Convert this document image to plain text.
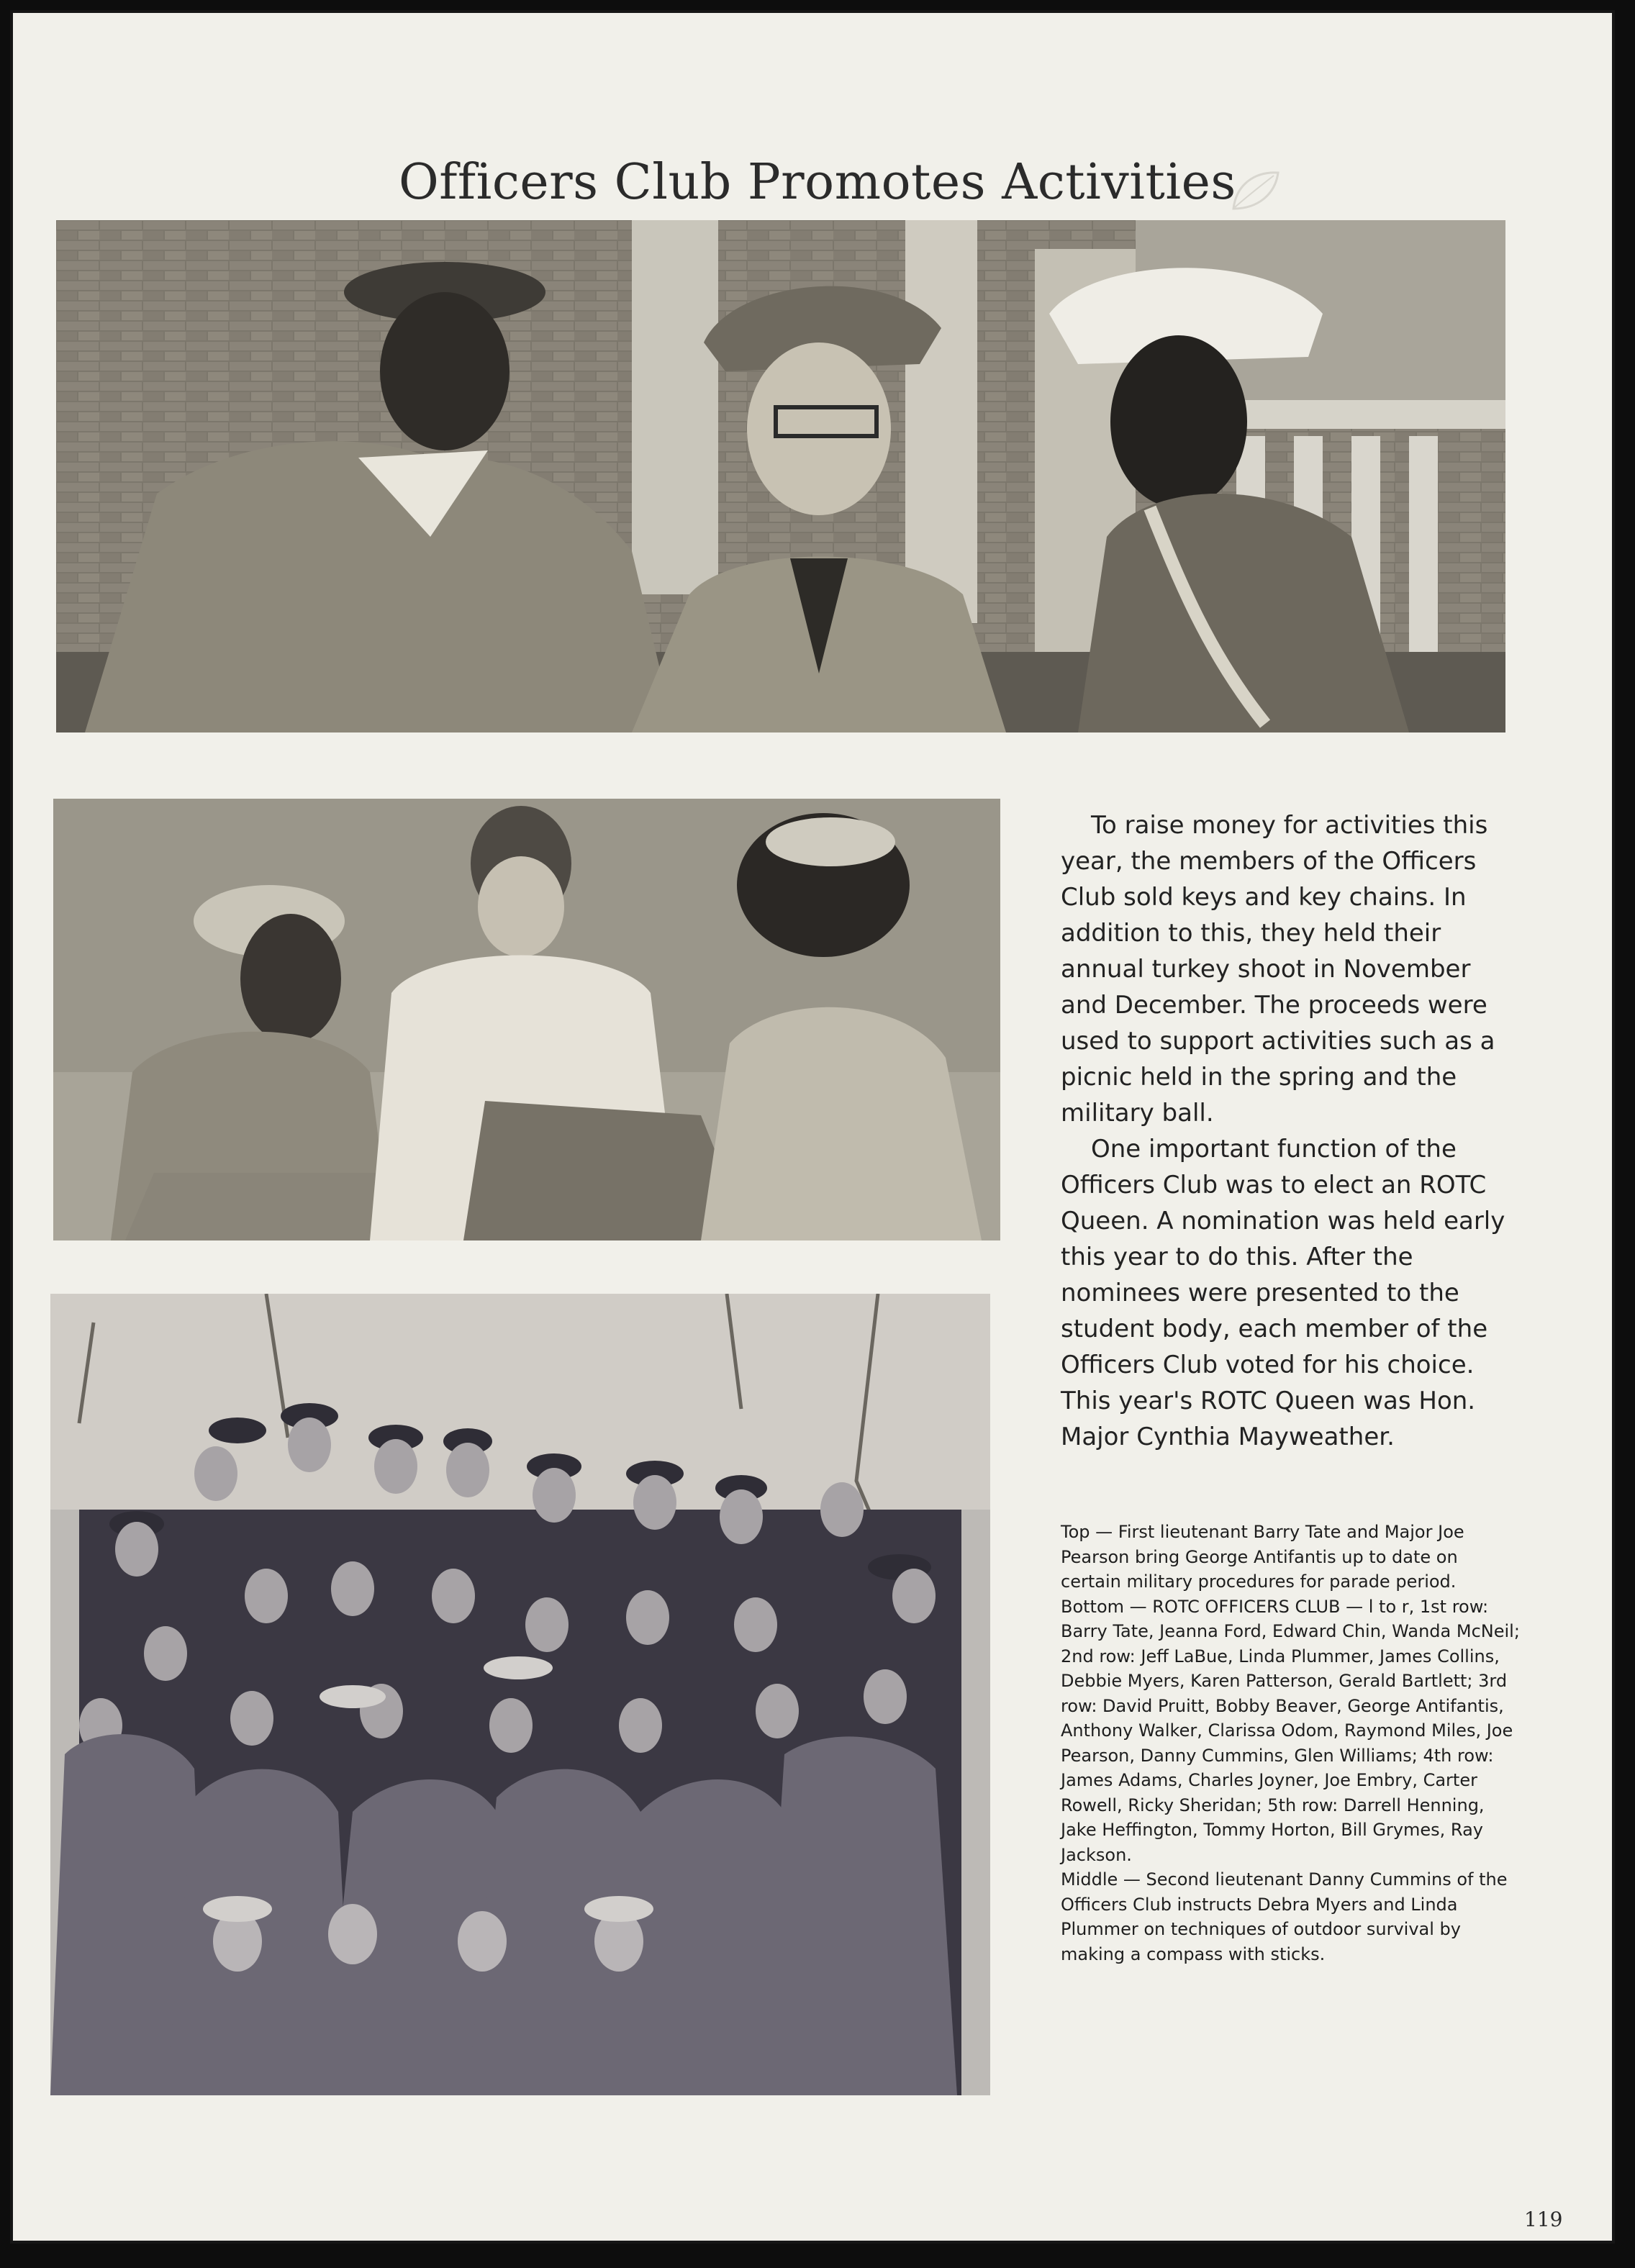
Officers Club Promotes Activities

To raise money for activities this year, the members of the Officers Club sold keys and key chains. In addition to this, they held their annual turkey shoot in November and December. The proceeds were used to support activities such as a picnic held in the spring and the military ball.

One important function of the Officers Club was to elect an ROTC Queen. A nomination was held early this year to do this. After the nominees were presented to the student body, each member of the Officers Club voted for his choice. This year's ROTC Queen was Hon. Major Cynthia Mayweather.

Top — First lieutenant Barry Tate and Major Joe Pearson bring George Antifantis up to date on certain military procedures for parade period.

Bottom — ROTC OFFICERS CLUB — l to r, 1st row: Barry Tate, Jeanna Ford, Edward Chin, Wanda McNeil; 2nd row: Jeff LaBue, Linda Plummer, James Collins, Debbie Myers, Karen Patterson, Gerald Bartlett; 3rd row: David Pruitt, Bobby Beaver, George Antifantis, Anthony Walker, Clarissa Odom, Raymond Miles, Joe Pearson, Danny Cummins, Glen Williams; 4th row: James Adams, Charles Joyner, Joe Embry, Carter Rowell, Ricky Sheridan; 5th row: Darrell Henning, Jake Heffington, Tommy Horton, Bill Grymes, Ray Jackson.

Middle — Second lieutenant Danny Cummins of the Officers Club instructs Debra Myers and Linda Plummer on techniques of outdoor survival by making a compass with sticks.

119
